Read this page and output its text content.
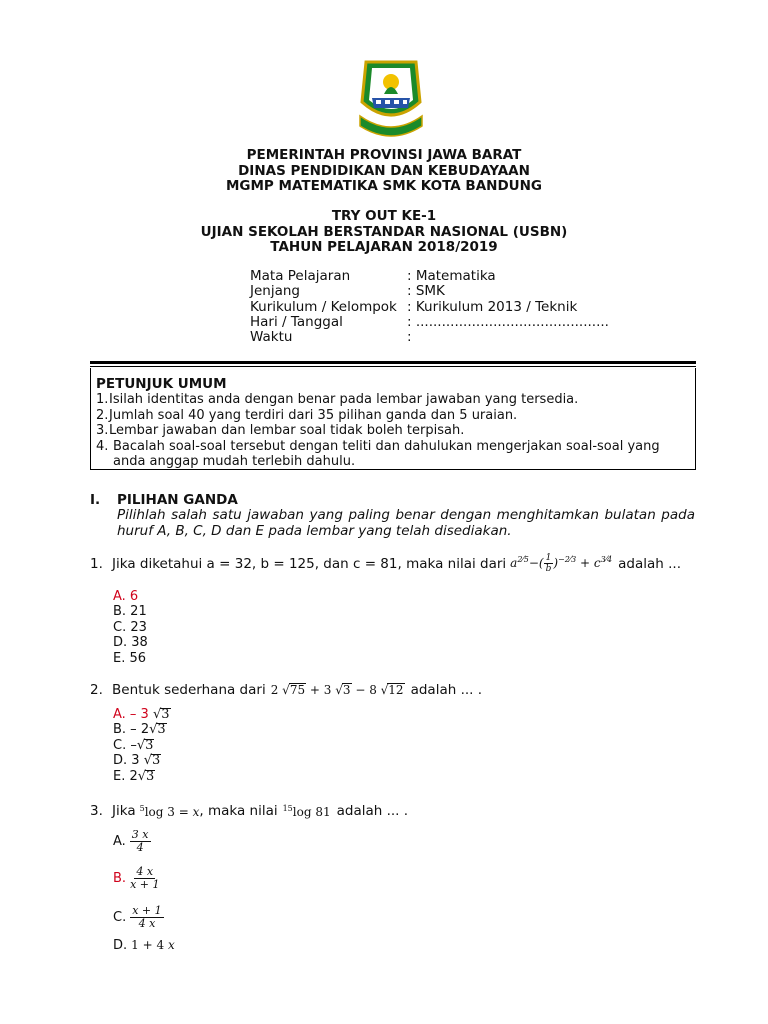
PEMERINTAH PROVINSI JAWA BARAT
DINAS PENDIDIKAN DAN KEBUDAYAAN
MGMP MATEMATIKA SMK KOTA BANDUNG
TRY OUT KE-1
UJIAN SEKOLAH BERSTANDAR NASIONAL (USBN)
TAHUN PELAJARAN 2018/2019
Mata Pelajaran	: Matematika
Jenjang	: SMK
Kurikulum / Kelompok : Kurikulum 2013 / Teknik
Hari / Tanggal	: .............................................
Waktu	:
PETUNJUK UMUM
1. Isilah identitas anda dengan benar pada lembar jawaban yang tersedia.
2. Jumlah soal 40 yang terdiri dari 35 pilihan ganda dan 5 uraian.
3. Lembar jawaban dan lembar soal tidak boleh terpisah.
4. Bacalah soal-soal tersebut dengan teliti dan dahulukan mengerjakan soal-soal yang anda anggap mudah terlebih dahulu.
I. PILIHAN GANDA
Pilihlah salah satu jawaban yang paling benar dengan menghitamkan bulatan pada huruf A, B, C, D dan E pada lembar yang telah disediakan.
1. Jika diketahui a = 32, b = 125, dan c = 81, maka nilai dari $a^{2⁄5}-( \frac{1}{b} )^{-2⁄3} + c^{3⁄4}$ adalah ...
A. 6
B. 21
C. 23
D. 38
E. 56
2. Bentuk sederhana dari 2 √75 + 3 √3 − 8 √12 adalah ... .
A. – 3 √3
B. – 2√3
C. –√3
D. 3 √3
E. 2√3
3. Jika $^5$log 3 = x , maka nilai $^{15}$log 81 adalah ... .
A. $\frac{3 x}{4}$
B. $\frac{4 x}{x + 1}$
C. $\frac{x + 1}{4 x}$
D. 1 + 4 x
